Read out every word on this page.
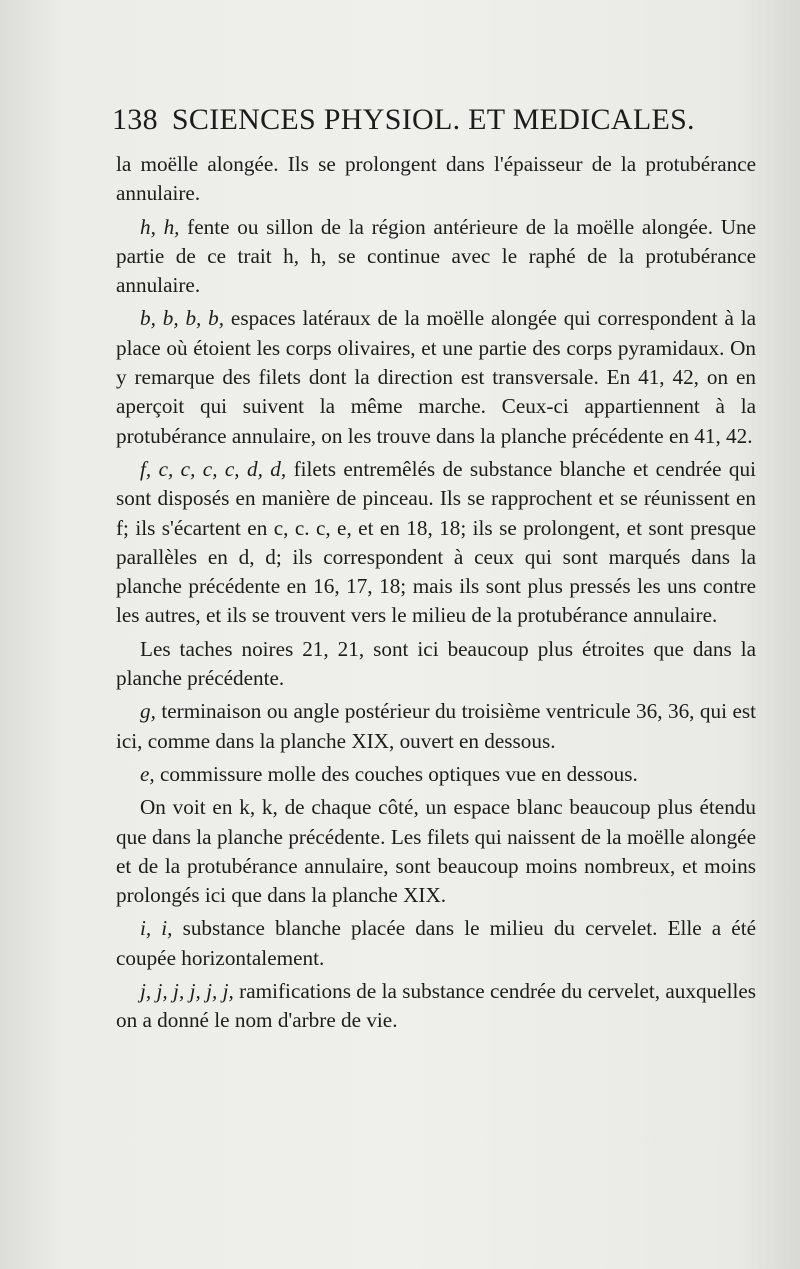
138 SCIENCES PHYSIOL. ET MEDICALES.

la moëlle alongée. Ils se prolongent dans l'épaisseur de la protubérance annulaire.

h, h, fente ou sillon de la région antérieure de la moëlle alongée. Une partie de ce trait h, h, se continue avec le raphé de la protubérance annulaire.

b, b, b, b, espaces latéraux de la moëlle alongée qui correspondent à la place où étoient les corps olivaires, et une partie des corps pyramidaux. On y remarque des filets dont la direction est transversale. En 41, 42, on en aperçoit qui suivent la même marche. Ceux-ci appartiennent à la protubérance annulaire, on les trouve dans la planche précédente en 41, 42.

f, c, c, c, c, d, d, filets entremêlés de substance blanche et cendrée qui sont disposés en manière de pinceau. Ils se rapprochent et se réunissent en f; ils s'écartent en c, c. c, e, et en 18, 18; ils se prolongent, et sont presque parallèles en d, d; ils correspondent à ceux qui sont marqués dans la planche précédente en 16, 17, 18; mais ils sont plus pressés les uns contre les autres, et ils se trouvent vers le milieu de la protubérance annulaire.

Les taches noires 21, 21, sont ici beaucoup plus étroites que dans la planche précédente.

g, terminaison ou angle postérieur du troisième ventricule 36, 36, qui est ici, comme dans la planche XIX, ouvert en dessous.

e, commissure molle des couches optiques vue en dessous.

On voit en k, k, de chaque côté, un espace blanc beaucoup plus étendu que dans la planche précédente. Les filets qui naissent de la moëlle alongée et de la protubérance annulaire, sont beaucoup moins nombreux, et moins prolongés ici que dans la planche XIX.

i, i, substance blanche placée dans le milieu du cervelet. Elle a été coupée horizontalement.

j, j, j, j, j, j, ramifications de la substance cendrée du cervelet, auxquelles on a donné le nom d'arbre de vie.
